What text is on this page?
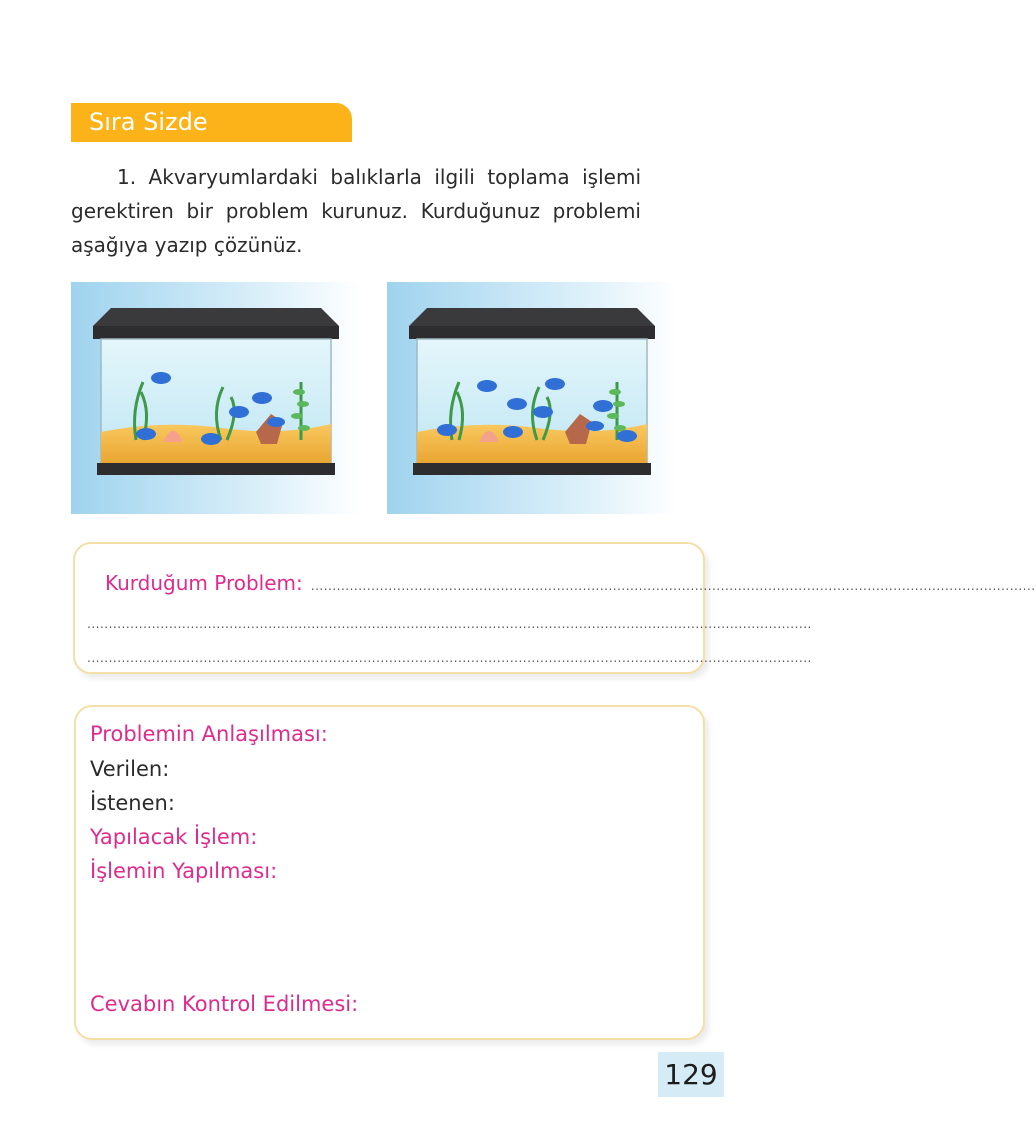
Sıra Sizde

1. Akvaryumlardaki balıklarla ilgili toplama işlemi gerektiren bir problem kurunuz. Kurduğunuz problemi aşağıya yazıp çözünüz.

Kurduğum Problem: ........................................................................................................................................................................
........................................................................................................................................................................
........................................................................................................................................................................
Problemin Anlaşılması:
Verilen:
İstenen:
Yapılacak İşlem:
İşlemin Yapılması:
Cevabın Kontrol Edilmesi:
129
